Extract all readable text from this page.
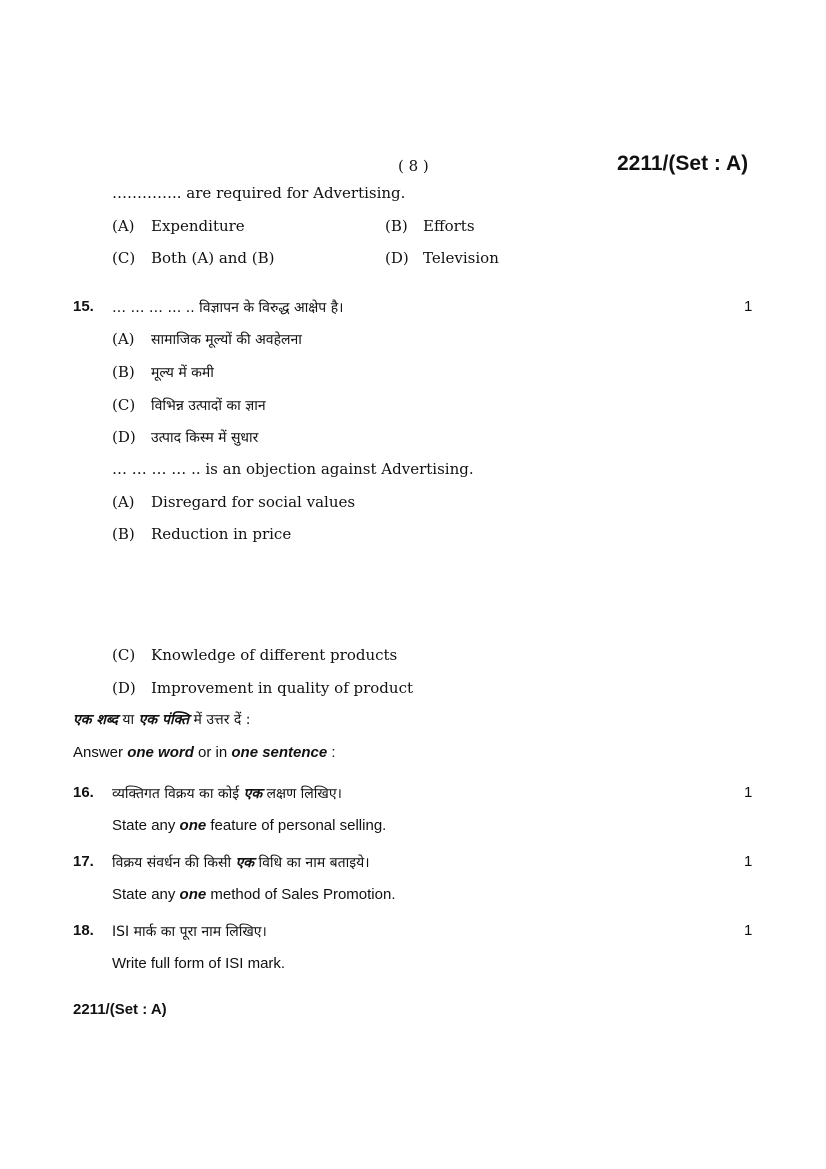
( 8 )	2211/(Set : A)
………….. are required for Advertising.
(A) Expenditure	(B) Efforts
(C) Both (A) and (B)	(D) Television
15. … … … … .. विज्ञापन के विरुद्ध आक्षेप है।	1
(A) सामाजिक मूल्यों की अवहेलना
(B) मूल्य में कमी
(C) विभिन्न उत्पादों का ज्ञान
(D) उत्पाद किस्म में सुधार
… … … … .. is an objection against Advertising.
(A) Disregard for social values
(B) Reduction in price
(C) Knowledge of different products
(D) Improvement in quality of product
एक शब्द या एक पंक्ति में उत्तर दें :
Answer one word or in one sentence :
16. व्यक्तिगत विक्रय का कोई एक लक्षण लिखिए।	1
State any one feature of personal selling.
17. विक्रय संवर्धन की किसी एक विधि का नाम बताइये।	1
State any one method of Sales Promotion.
18. ISI मार्क का पूरा नाम लिखिए।	1
Write full form of ISI mark.
2211/(Set : A)
